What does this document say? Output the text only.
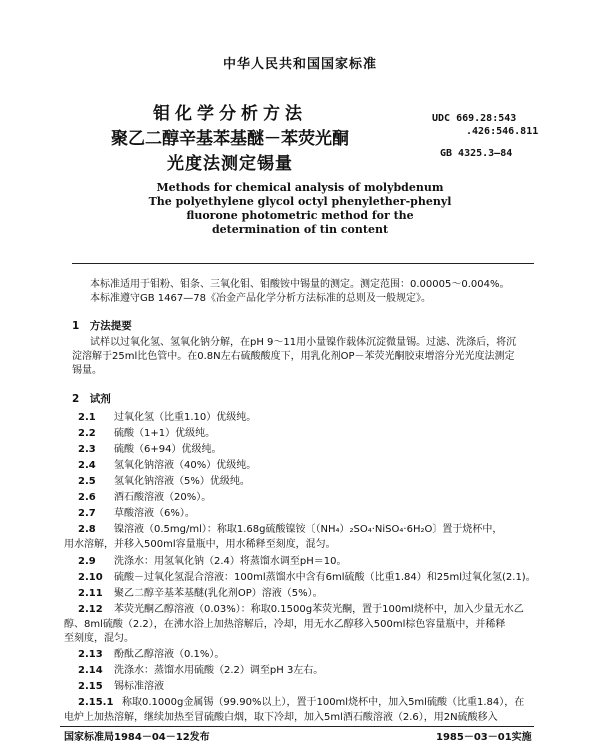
中华人民共和国国家标准
钼化学分析方法
聚乙二醇辛基苯基醚－苯荧光酮
光度法测定锡量
UDC 669.28:543
.426:546.811
GB 4325.3—84
Methods for chemical analysis of molybdenum
The polyethylene glycol octyl phenylether-phenyl
fluorone photometric method for the
determination of tin content
本标准适用于钼粉、钼条、三氧化钼、钼酸铵中锡量的测定。测定范围：0.00005～0.004%。
本标准遵守GB 1467—78《冶金产品化学分析方法标准的总则及一般规定》。
1　方法提要
试样以过氧化氢、氢氧化钠分解，在pH 9～11用小量镍作载体沉淀微量锡。过滤、洗涤后，将沉
淀溶解于25ml比色管中。在0.8N左右硫酸酸度下，用乳化剂OP－苯荧光酮胶束增溶分光光度法测定
锡量。
2　试剂
2.1 过氧化氢（比重1.10）优级纯。
2.2 硫酸（1+1）优级纯。
2.3 硫酸（6+94）优级纯。
2.4 氢氧化钠溶液（40%）优级纯。
2.5 氢氧化钠溶液（5%）优级纯。
2.6 酒石酸溶液（20%）。
2.7 草酸溶液（6%）。
2.8 镍溶液（0.5mg/ml）：称取1.68g硫酸镍铵〔（NH₄）₂SO₄·NiSO₄·6H₂O〕置于烧杯中，
用水溶解，并移入500ml容量瓶中，用水稀释至刻度，混匀。
2.9 洗涤水：用氢氧化钠（2.4）将蒸馏水调至pH＝10。
2.10 硫酸－过氧化氢混合溶液：100ml蒸馏水中含有6ml硫酸（比重1.84）和25ml过氧化氢(2.1)。
2.11 聚乙二醇辛基苯基醚(乳化剂OP）溶液（5%）。
2.12 苯荧光酮乙醇溶液（0.03%）：称取0.1500g苯荧光酮，置于100ml烧杯中，加入少量无水乙
醇、8ml硫酸（2.2），在沸水浴上加热溶解后，冷却，用无水乙醇移入500ml棕色容量瓶中，并稀释
至刻度，混匀。
2.13 酚酞乙醇溶液（0.1%）。
2.14 洗涤水：蒸馏水用硫酸（2.2）调至pH 3左右。
2.15 锡标准溶液
2.15.1 称取0.1000g金属锡（99.90%以上），置于100ml烧杯中，加入5ml硫酸（比重1.84），在
电炉上加热溶解，继续加热至冒硫酸白烟，取下冷却，加入5ml酒石酸溶液（2.6），用2N硫酸移入
国家标准局1984－04－12发布	1985－03－01实施
